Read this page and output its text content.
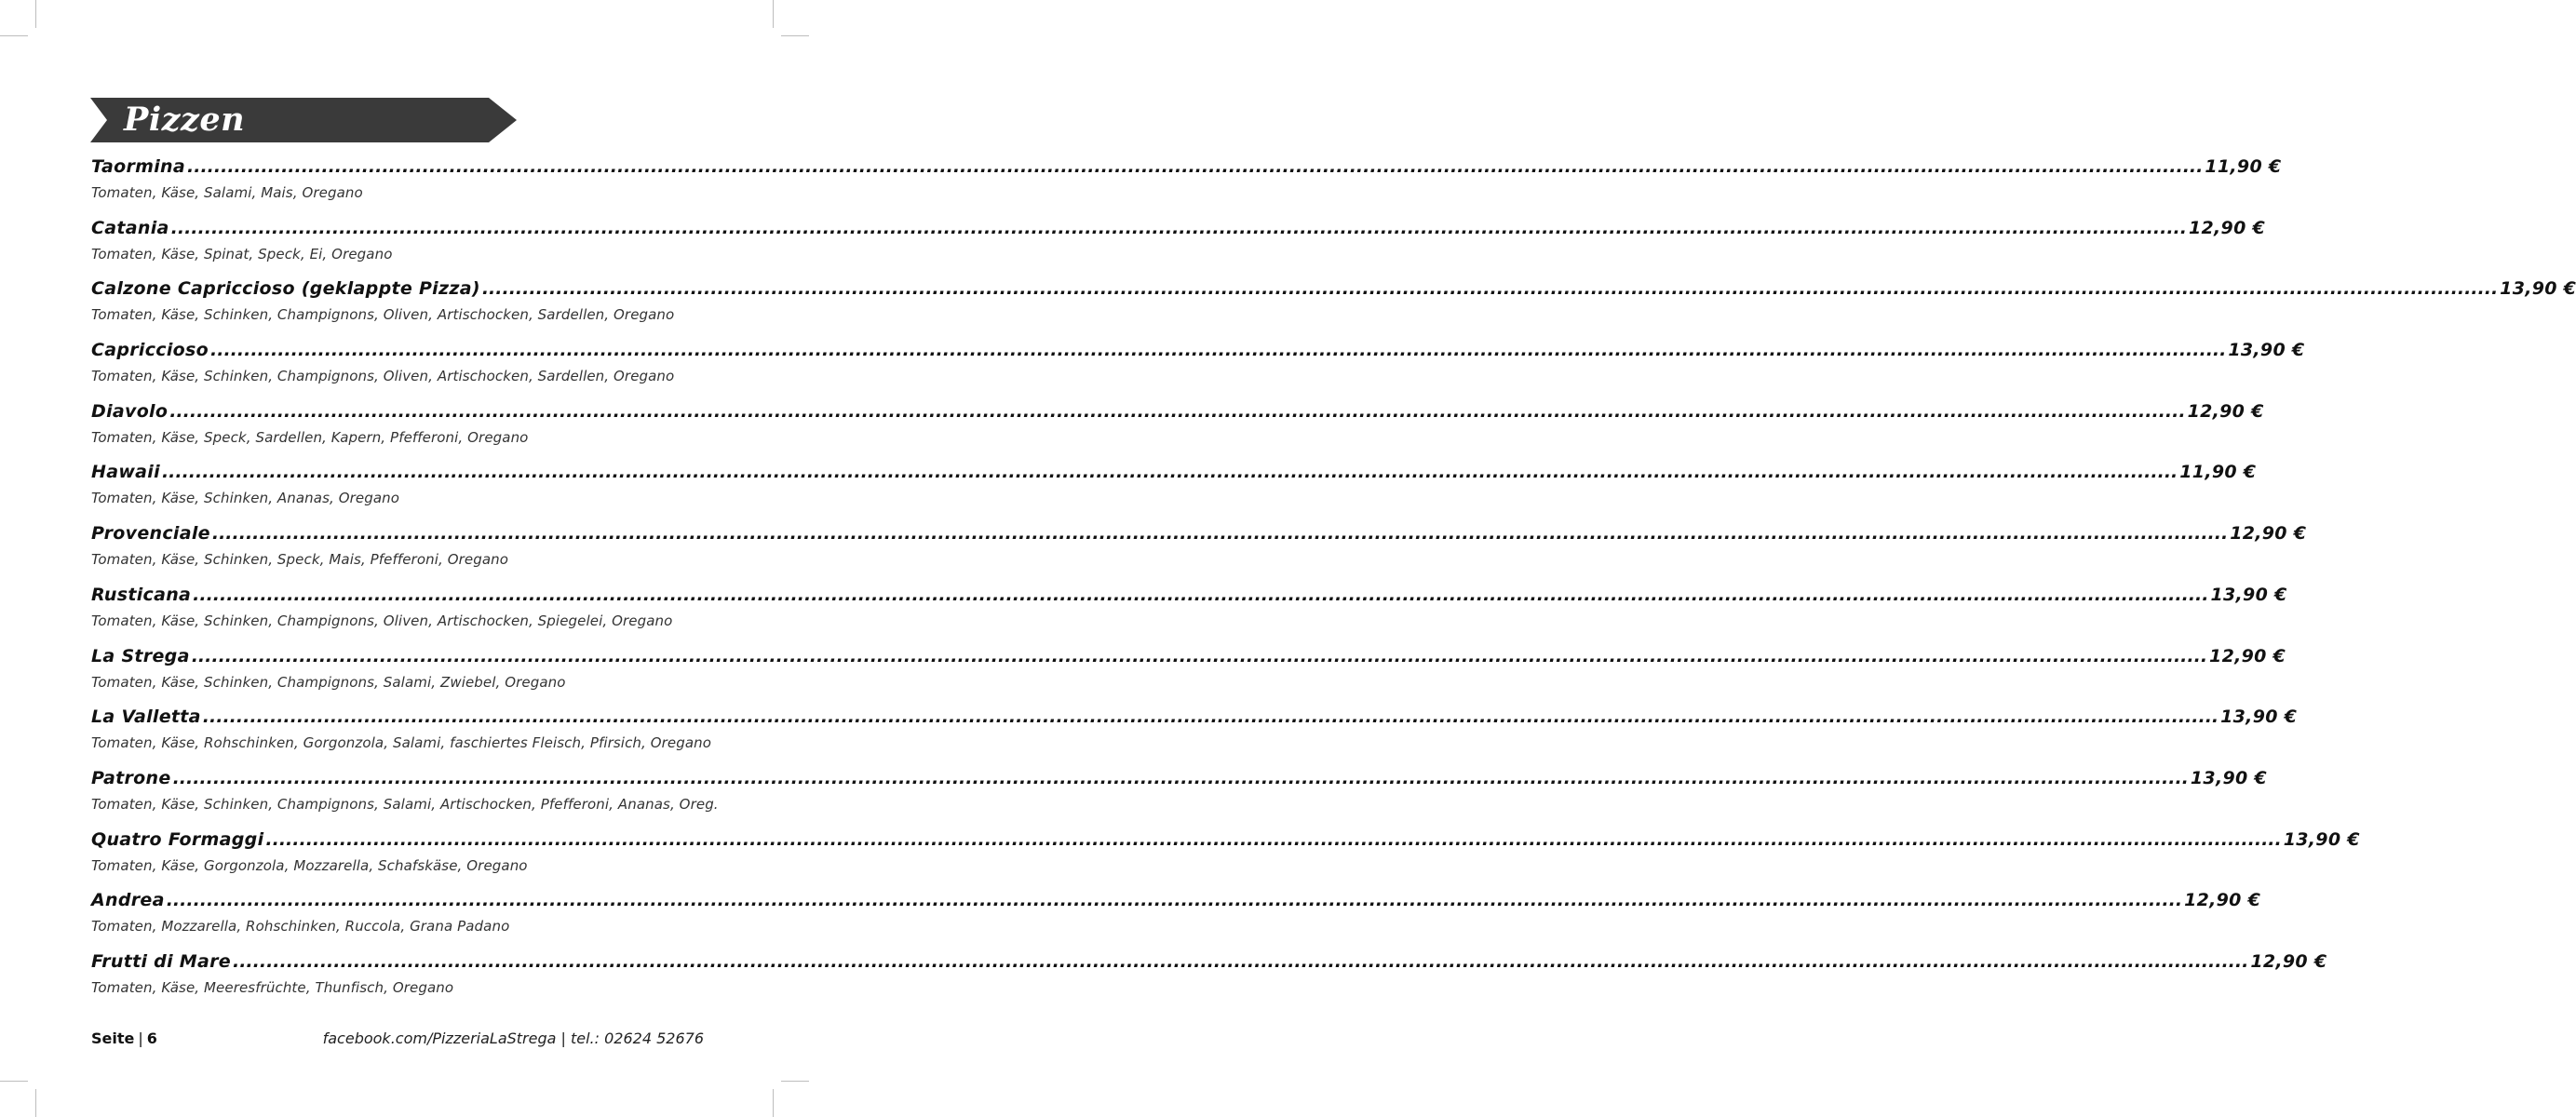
Pizzen
Taormina ............................................................................................................................................................................................................................................................................................................ 11,90 €
Tomaten, Käse, Salami, Mais, Oregano
Catania ............................................................................................................................................................................................................................................................................................................ 12,90 €
Tomaten, Käse, Spinat, Speck, Ei, Oregano
Calzone Capriccioso (geklappte Pizza) ............................................................................................................................................................................................................................................................................................................ 13,90 €
Tomaten, Käse, Schinken, Champignons, Oliven, Artischocken, Sardellen, Oregano
Capriccioso ............................................................................................................................................................................................................................................................................................................ 13,90 €
Tomaten, Käse, Schinken, Champignons, Oliven, Artischocken, Sardellen, Oregano
Diavolo ............................................................................................................................................................................................................................................................................................................ 12,90 €
Tomaten, Käse, Speck, Sardellen, Kapern, Pfefferoni, Oregano
Hawaii ............................................................................................................................................................................................................................................................................................................ 11,90 €
Tomaten, Käse, Schinken, Ananas, Oregano
Provenciale ............................................................................................................................................................................................................................................................................................................ 12,90 €
Tomaten, Käse, Schinken, Speck, Mais, Pfefferoni, Oregano
Rusticana ............................................................................................................................................................................................................................................................................................................ 13,90 €
Tomaten, Käse, Schinken, Champignons, Oliven, Artischocken, Spiegelei, Oregano
La Strega ............................................................................................................................................................................................................................................................................................................ 12,90 €
Tomaten, Käse, Schinken, Champignons, Salami, Zwiebel, Oregano
La Valletta ............................................................................................................................................................................................................................................................................................................ 13,90 €
Tomaten, Käse, Rohschinken, Gorgonzola, Salami, faschiertes Fleisch, Pfirsich, Oregano
Patrone ............................................................................................................................................................................................................................................................................................................ 13,90 €
Tomaten, Käse, Schinken, Champignons, Salami, Artischocken, Pfefferoni, Ananas, Oreg.
Quatro Formaggi ............................................................................................................................................................................................................................................................................................................ 13,90 €
Tomaten, Käse, Gorgonzola, Mozzarella, Schafskäse, Oregano
Andrea ............................................................................................................................................................................................................................................................................................................ 12,90 €
Tomaten, Mozzarella, Rohschinken, Ruccola, Grana Padano
Frutti di Mare ............................................................................................................................................................................................................................................................................................................ 12,90 €
Tomaten, Käse, Meeresfrüchte, Thunfisch, Oregano
Seite | 6	facebook.com/PizzeriaLaStrega | tel.: 02624 52676
